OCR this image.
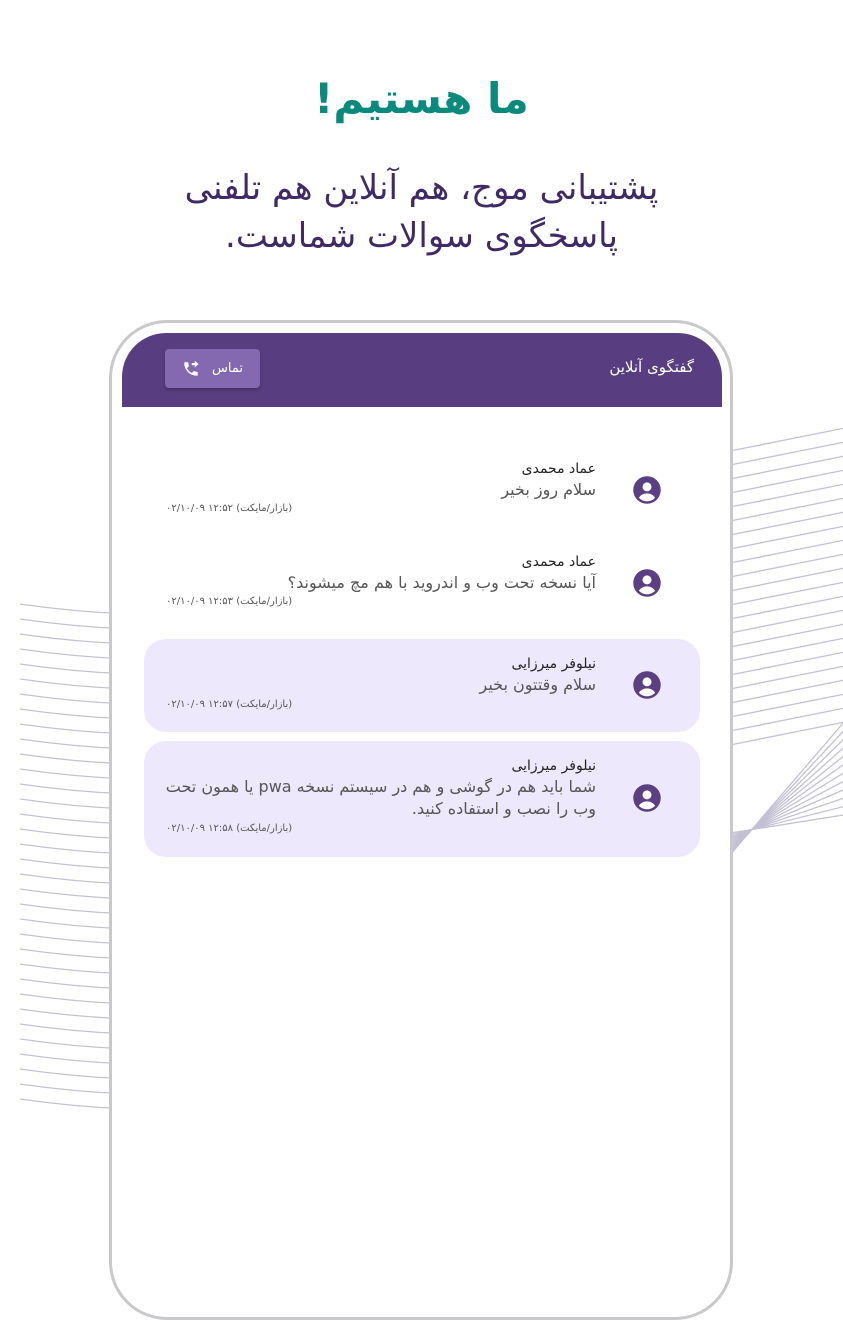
ما هستیم!
پشتیبانی موج، هم آنلاین هم تلفنی
پاسخگوی سوالات شماست.
گفتگوی آنلاین
تماس
عماد محمدی
سلام روز بخیر
(بازار/مایکت) ۱۲:۵۲ ۰۲/۱۰/۰۹
عماد محمدی
آیا نسخه تحت وب و اندروید با هم مچ میشوند؟
(بازار/مایکت) ۱۲:۵۳ ۰۲/۱۰/۰۹
نیلوفر میرزایی
سلام وقتتون بخیر
(بازار/مایکت) ۱۲:۵۷ ۰۲/۱۰/۰۹
نیلوفر میرزایی
شما باید هم در گوشی و هم در سیستم نسخه pwa یا همون تحت وب را نصب و استفاده کنید.
(بازار/مایکت) ۱۲:۵۸ ۰۲/۱۰/۰۹
